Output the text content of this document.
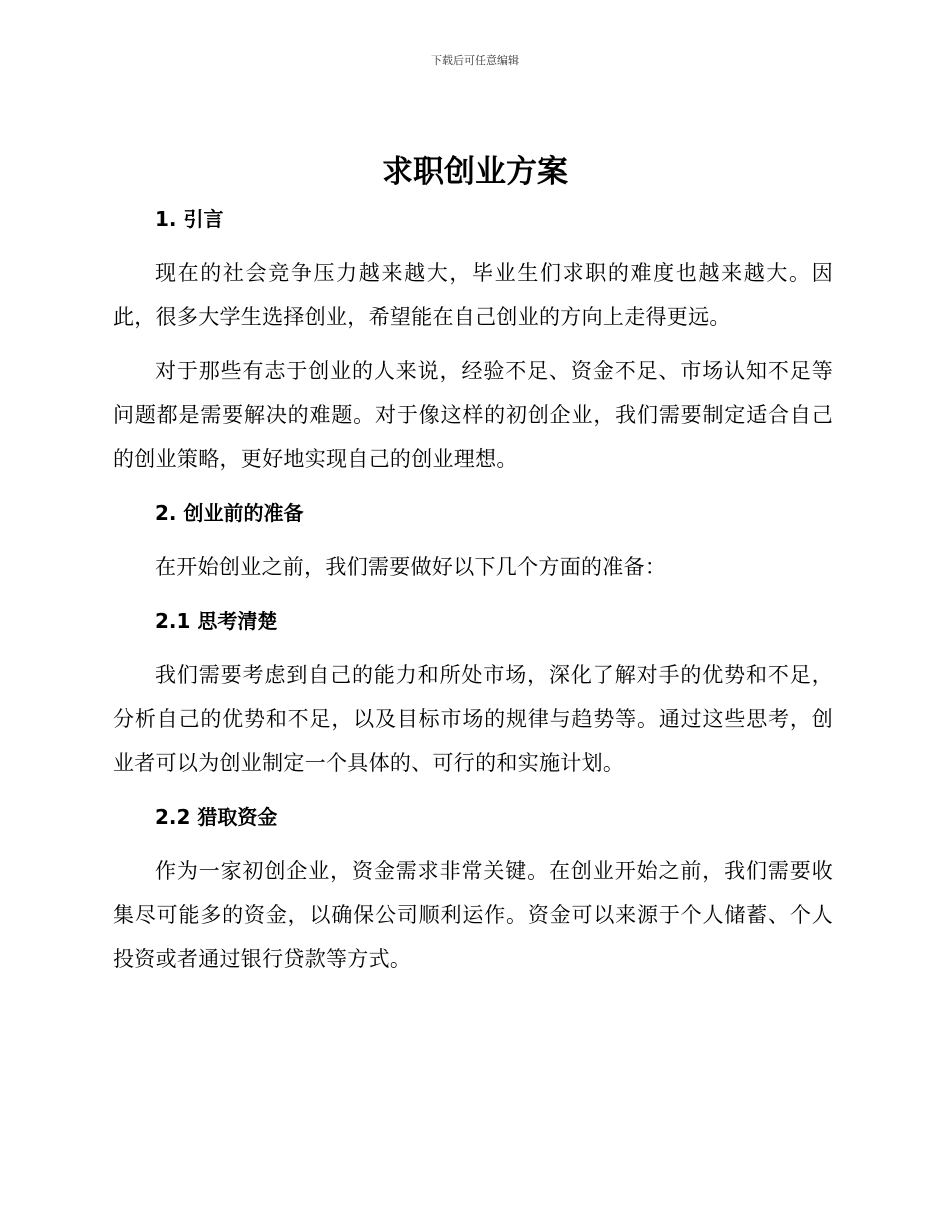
下载后可任意编辑
求职创业方案
1. 引言

现在的社会竞争压力越来越大，毕业生们求职的难度也越来越大。因此，很多大学生选择创业，希望能在自己创业的方向上走得更远。

对于那些有志于创业的人来说，经验不足、资金不足、市场认知不足等问题都是需要解决的难题。对于像这样的初创企业，我们需要制定适合自己的创业策略，更好地实现自己的创业理想。

2. 创业前的准备

在开始创业之前，我们需要做好以下几个方面的准备：

2.1 思考清楚

我们需要考虑到自己的能力和所处市场，深化了解对手的优势和不足，分析自己的优势和不足，以及目标市场的规律与趋势等。通过这些思考，创业者可以为创业制定一个具体的、可行的和实施计划。

2.2 猎取资金

作为一家初创企业，资金需求非常关键。在创业开始之前，我们需要收集尽可能多的资金，以确保公司顺利运作。资金可以来源于个人储蓄、个人投资或者通过银行贷款等方式。
